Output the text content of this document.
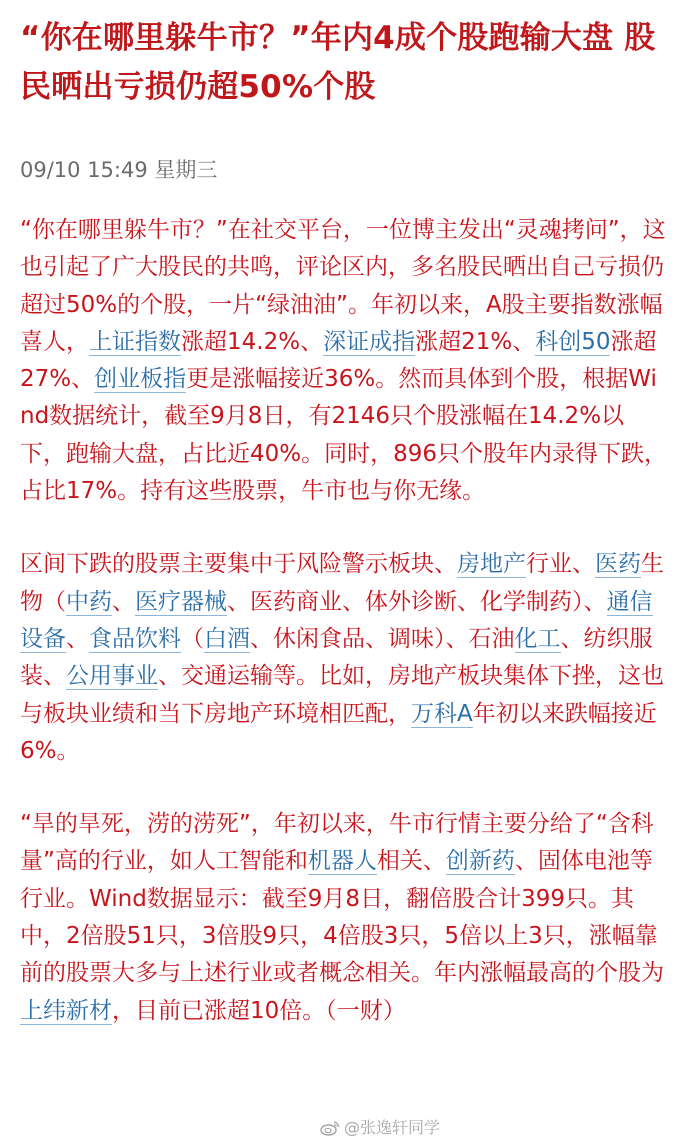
“你在哪里躲牛市？”年内4成个股跑输大盘 股民晒出亏损仍超50%个股
09/10 15:49 星期三

“你在哪里躲牛市？”在社交平台，一位博主发出“灵魂拷问”，这也引起了广大股民的共鸣，评论区内，多名股民晒出自己亏损仍超过50%的个股，一片“绿油油”。年初以来，A股主要指数涨幅喜人，上证指数涨超14.2%、深证成指涨超21%、科创50涨超27%、创业板指更是涨幅接近36%。然而具体到个股，根据Wind数据统计，截至9月8日，有2146只个股涨幅在14.2%以下，跑输大盘，占比近40%。同时，896只个股年内录得下跌，占比17%。持有这些股票，牛市也与你无缘。

区间下跌的股票主要集中于风险警示板块、房地产行业、医药生物（中药、医疗器械、医药商业、体外诊断、化学制药）、通信设备、食品饮料（白酒、休闲食品、调味）、石油化工、纺织服装、公用事业、交通运输等。比如，房地产板块集体下挫，这也与板块业绩和当下房地产环境相匹配，万科A年初以来跌幅接近6%。

“旱的旱死，涝的涝死”，年初以来，牛市行情主要分给了“含科量”高的行业，如人工智能和机器人相关、创新药、固体电池等行业。Wind数据显示：截至9月8日，翻倍股合计399只。其中，2倍股51只，3倍股9只，4倍股3只，5倍以上3只，涨幅靠前的股票大多与上述行业或者概念相关。年内涨幅最高的个股为上纬新材，目前已涨超10倍。（一财）

@张逸轩同学
